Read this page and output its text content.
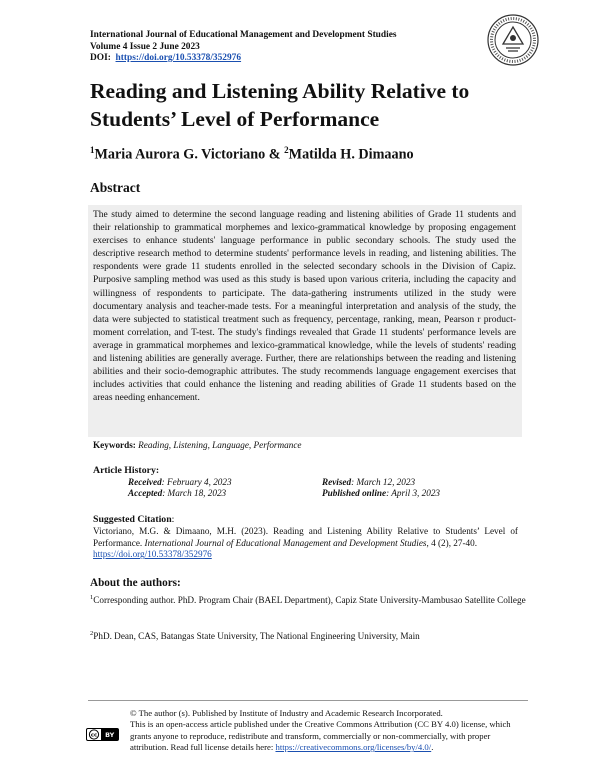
International Journal of Educational Management and Development Studies
Volume 4 Issue 2 June 2023
DOI: https://doi.org/10.53378/352976
Reading and Listening Ability Relative to
Students’ Level of Performance
$^1$Maria Aurora G. Victoriano & $^2$Matilda H. Dimaano
Abstract

The study aimed to determine the second language reading and listening abilities of Grade 11 students and their relationship to grammatical morphemes and lexico-grammatical knowledge by proposing engagement exercises to enhance students' language performance in public secondary schools. The study used the descriptive research method to determine students' performance levels in reading, and listening abilities. The respondents were grade 11 students enrolled in the selected secondary schools in the Division of Capiz. Purposive sampling method was used as this study is based upon various criteria, including the capacity and willingness of respondents to participate. The data-gathering instruments utilized in the study were documentary analysis and teacher-made tests. For a meaningful interpretation and analysis of the study, the data were subjected to statistical treatment such as frequency, percentage, ranking, mean, Pearson r product-moment correlation, and T-test. The study's findings revealed that Grade 11 students' performance levels are average in grammatical morphemes and lexico-grammatical knowledge, while the levels of students' reading and listening abilities are generally average. Further, there are relationships between the reading and listening abilities and their socio-demographic attributes. The study recommends language engagement exercises that includes activities that could enhance the listening and reading abilities of Grade 11 students based on the areas needing enhancement.

Keywords: Reading, Listening, Language, Performance
Article History:
Received: February 4, 2023
Accepted: March 18, 2023
Revised: March 12, 2023
Published online: April 3, 2023
Suggested Citation:

Victoriano, M.G. & Dimaano, M.H. (2023). Reading and Listening Ability Relative to Students’ Level of Performance. International Journal of Educational Management and Development Studies, 4 (2), 27-40.
https://doi.org/10.53378/352976

About the authors:

$^1$Corresponding author. PhD. Program Chair (BAEL Department), Capiz State University-Mambusao Satellite College

$^2$PhD. Dean, CAS, Batangas State University, The National Engineering University, Main

© The author (s). Published by Institute of Industry and Academic Research Incorporated.
cc BY

This is an open-access article published under the Creative Commons Attribution (CC BY 4.0) license, which grants anyone to reproduce, redistribute and transform, commercially or non-commercially, with proper attribution. Read full license details here: https://creativecommons.org/licenses/by/4.0/.
